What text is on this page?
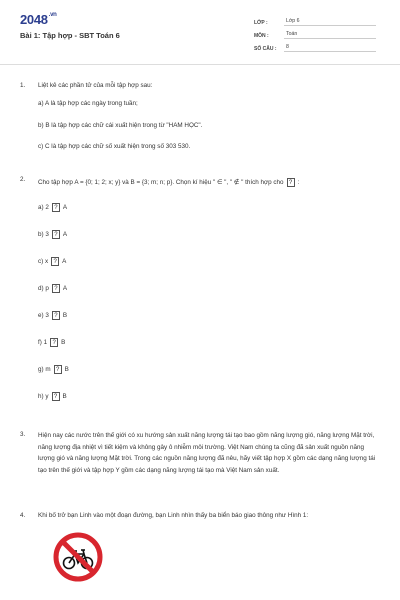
$2048^{.vn}$
Bài 1: Tập hợp - SBT Toán 6
LỚP :	Lớp 6
MÔN :	Toán
SỐ CÂU :	8
1.	Liệt kê các phần tử của mỗi tập hợp sau:
a) A là tập hợp các ngày trong tuần;
b) B là tập hợp các chữ cái xuất hiện trong từ "HAM HỌC".
c) C là tập hợp các chữ số xuất hiện trong số 303 530.
2.	Cho tập hợp A = {0; 1; 2; x; y} và B = {3; m; n; p}. Chọn kí hiệu " ∈ ", " ∉ " thích hợp cho ? :
a) 2 ? A
b) 3 ? A
c) x ? A
d) p ? A
e) 3 ? B
f) 1 ? B
g) m ? B
h) y ? B
3.	Hiện nay các nước trên thế giới có xu hướng sản xuất năng lượng tái tạo bao gồm năng lượng gió, năng lượng Mặt trời, năng lượng địa nhiệt vì tiết kiệm và không gây ô nhiễm môi trường. Việt Nam chúng ta cũng đã sản xuất nguồn năng lượng gió và năng lượng Mặt trời. Trong các nguồn năng lượng đã nêu, hãy viết tập hợp X gồm các dạng năng lượng tái tạo trên thế giới và tập hợp Y gồm các dạng năng lượng tái tạo mà Việt Nam sản xuất.
4.	Khi bố trở bạn Linh vào một đoạn đường, bạn Linh nhìn thấy ba biển báo giao thông như Hình 1:
